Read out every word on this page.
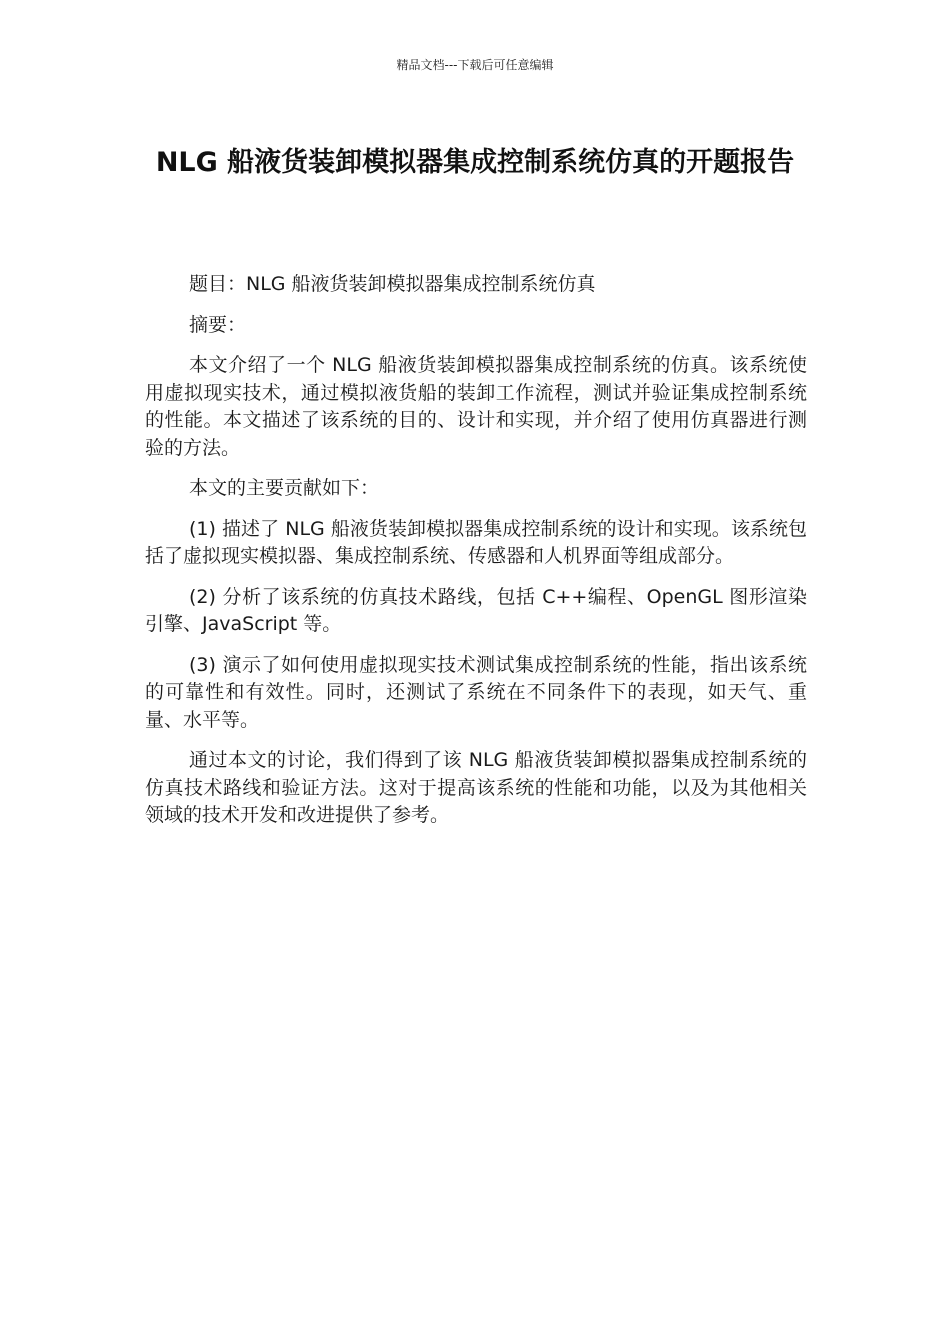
精品文档---下载后可任意编辑
NLG 船液货装卸模拟器集成控制系统仿真的开题报告

题目：NLG 船液货装卸模拟器集成控制系统仿真

摘要：

本文介绍了一个 NLG 船液货装卸模拟器集成控制系统的仿真。该系统使用虚拟现实技术，通过模拟液货船的装卸工作流程，测试并验证集成控制系统的性能。本文描述了该系统的目的、设计和实现，并介绍了使用仿真器进行测验的方法。

本文的主要贡献如下：

(1) 描述了 NLG 船液货装卸模拟器集成控制系统的设计和实现。该系统包括了虚拟现实模拟器、集成控制系统、传感器和人机界面等组成部分。

(2) 分析了该系统的仿真技术路线，包括 C++编程、OpenGL 图形渲染引擎、JavaScript 等。

(3) 演示了如何使用虚拟现实技术测试集成控制系统的性能，指出该系统的可靠性和有效性。同时，还测试了系统在不同条件下的表现，如天气、重量、水平等。

通过本文的讨论，我们得到了该 NLG 船液货装卸模拟器集成控制系统的仿真技术路线和验证方法。这对于提高该系统的性能和功能，以及为其他相关领域的技术开发和改进提供了参考。
